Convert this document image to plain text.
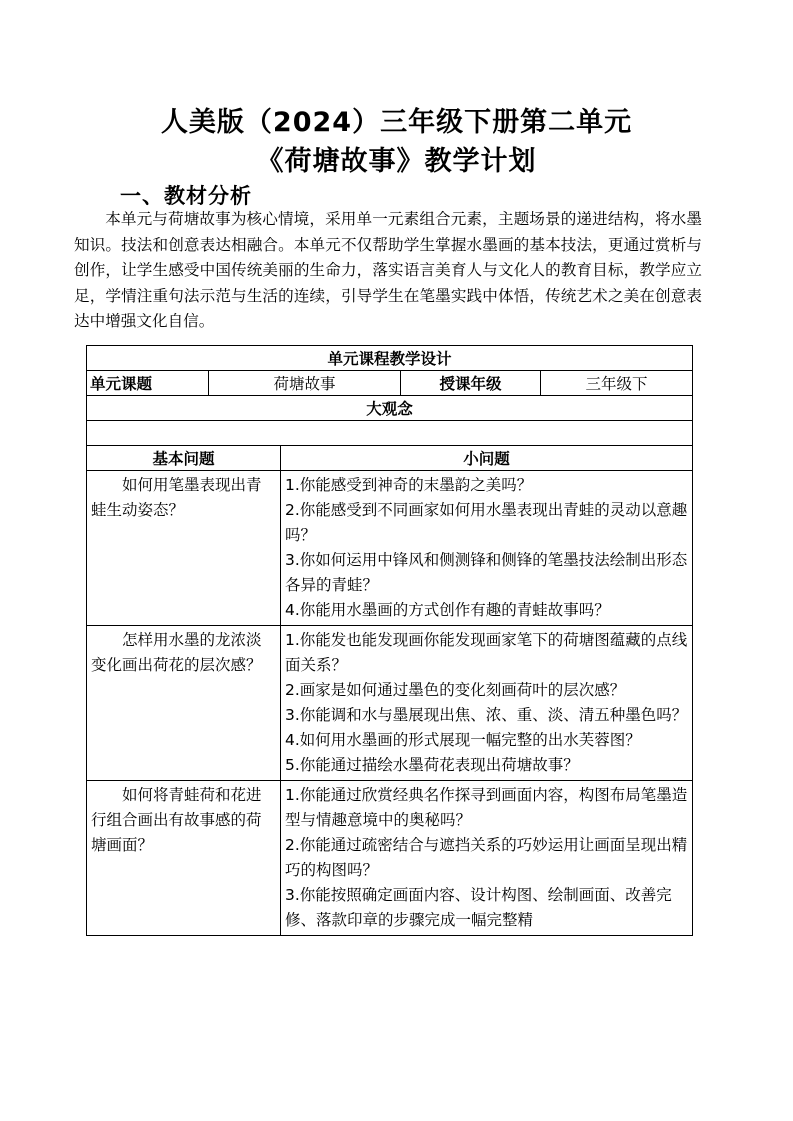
人美版（2024）三年级下册第二单元
《荷塘故事》教学计划
一、教材分析
本单元与荷塘故事为核心情境，采用单一元素组合元素，主题场景的递进结构，将水墨知识。技法和创意表达相融合。本单元不仅帮助学生掌握水墨画的基本技法，更通过赏析与创作，让学生感受中国传统美丽的生命力，落实语言美育人与文化人的教育目标，教学应立足，学情注重句法示范与生活的连续，引导学生在笔墨实践中体悟，传统艺术之美在创意表达中增强文化自信。
单元课程教学设计				
单元课题	荷塘故事		授课年级	三年级下
大观念				

基本问题		小问题		

如何用笔墨表现出青蛙生动姿态？		1.你能感受到神奇的末墨韵之美吗？
2.你能感受到不同画家如何用水墨表现出青蛙的灵动以意趣吗？
3.你如何运用中锋风和侧测锋和侧锋的笔墨技法绘制出形态各异的青蛙？
4.你能用水墨画的方式创作有趣的青蛙故事吗？		

怎样用水墨的龙浓淡变化画出荷花的层次感？		1.你能发也能发现画你能发现画家笔下的荷塘图蕴藏的点线面关系？
2.画家是如何通过墨色的变化刻画荷叶的层次感？
3.你能调和水与墨展现出焦、浓、重、淡、清五种墨色吗？
4.如何用水墨画的形式展现一幅完整的出水芙蓉图？
5.你能通过描绘水墨荷花表现出荷塘故事？		

如何将青蛙荷和花进行组合画出有故事感的荷塘画面？		1.你能通过欣赏经典名作探寻到画面内容，构图布局笔墨造型与情趣意境中的奥秘吗？
2.你能通过疏密结合与遮挡关系的巧妙运用让画面呈现出精巧的构图吗？
3.你能按照确定画面内容、设计构图、绘制画面、改善完修、落款印章的步骤完成一幅完整精		
